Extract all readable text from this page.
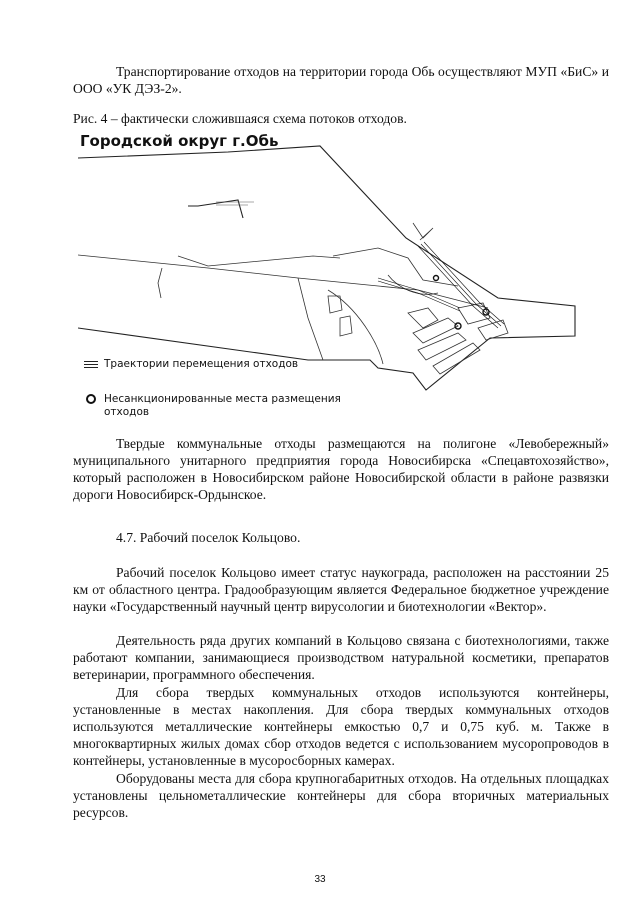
Транспортирование отходов на территории города Обь осуществляют МУП «БиС» и ООО «УК ДЭЗ-2».
Рис. 4 – фактически сложившаяся схема потоков отходов.
Городской округ г.Обь
Траектории перемещения отходов
Несанкционированные места размещения отходов
Твердые коммунальные отходы размещаются на полигоне «Левобережный» муниципального унитарного предприятия города Новосибирска «Спецавтохозяйство», который расположен в Новосибирском районе Новосибирской области в районе развязки дороги Новосибирск-Ордынское.
4.7. Рабочий поселок Кольцово.
Рабочий поселок Кольцово имеет статус наукограда, расположен на расстоянии 25 км от областного центра. Градообразующим является Федеральное бюджетное учреждение науки «Государственный научный центр вирусологии и биотехнологии «Вектор».
Деятельность ряда других компаний в Кольцово связана с биотехнологиями, также работают компании, занимающиеся производством натуральной косметики, препаратов ветеринарии, программного обеспечения.
Для сбора твердых коммунальных отходов используются контейнеры, установленные в местах накопления. Для сбора твердых коммунальных отходов используются металлические контейнеры емкостью 0,7 и 0,75 куб. м. Также в многоквартирных жилых домах сбор отходов ведется с использованием мусоропроводов в контейнеры, установленные в мусоросборных камерах.
Оборудованы места для сбора крупногабаритных отходов. На отдельных площадках установлены цельнометаллические контейнеры для сбора вторичных материальных ресурсов.
33
